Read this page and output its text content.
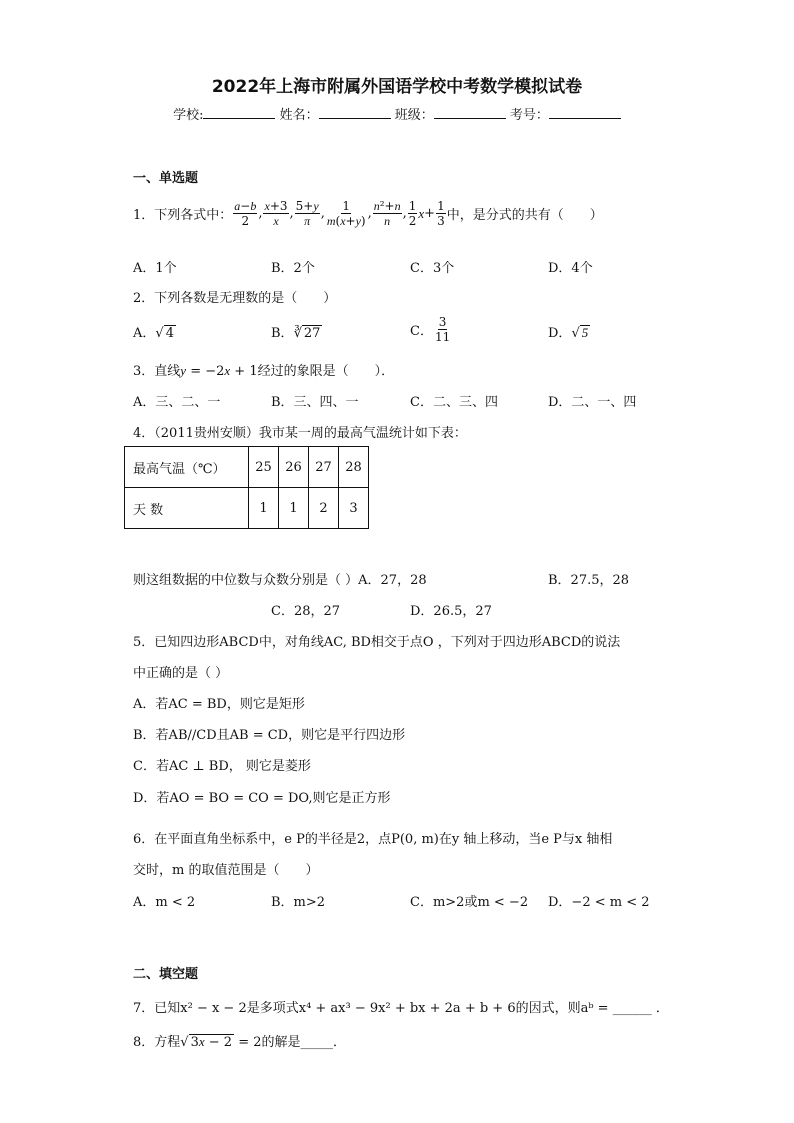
2022年上海市附属外国语学校中考数学模拟试卷
学校:	姓名：	班级：	考号：
一、单选题
1．下列各式中： $\frac{a-b}{2}$ , $\frac{x+3}{x}$ , $\frac{5+y}{\pi}$ , $\frac{1}{m(x+y)}$ , $\frac{\text{n²+n}}{n}$ , $\frac{1}{2}$ $x + \frac{1}{3}$ 中，是分式的共有（　　）
A．1个	B．2个	C．3个	D．4个
2．下列各数是无理数的是（　　）
A．√ 4	B．∛ 27	C． $\frac{3}{11}$	D．√ 5
3．直线y = −2x + 1经过的象限是（　　）．
A．三、二、一	B．三、四、一	C．二、三、四	D．二、一、四
4．（2011贵州安顺）我市某一周的最高气温统计如下表：
最高气温（℃）	25	26	27	28
天 数	1	1	2	3
则这组数据的中位数与众数分别是（ ）A．27，28	B．27.5，28
C．28，27	D．26.5，27
5．已知四边形ABCD中，对角线AC, BD相交于点O ，下列对于四边形ABCD的说法
中正确的是（ ）
A．若AC = BD，则它是矩形
B．若AB//CD且AB = CD，则它是平行四边形
C．若AC ⊥ BD， 则它是菱形
D．若AO = BO = CO = DO,则它是正方形
6．在平面直角坐标系中，e P的半径是2，点P(0, m)在y 轴上移动，当e P与x 轴相
交时，m 的取值范围是（　　）
A．m < 2	B．m>2	C．m>2或m < −2 D．−2 < m < 2
二、填空题
7．已知x² − x − 2是多项式x⁴ + ax³ − 9x² + bx + 2a + b + 6的因式，则aᵇ = ______ ．
8．方程√ 3x − 2 = 2的解是_____．
